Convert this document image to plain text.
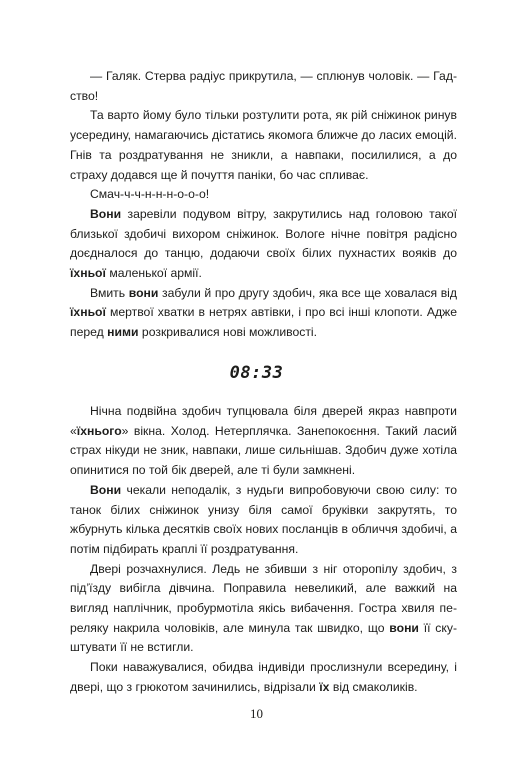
— Галяк. Стерва радіус прикрутила, — сплюнув чоловік. — Гадство!

Та варто йому було тільки розтулити рота, як рій сніжинок ринув усередину, намагаючись дістатись якомога ближче до ласих емоцій. Гнів та роздратування не зникли, а навпаки, посилилися, а до страху додався ще й почуття паніки, бо час спливає.

Смач-ч-ч-н-н-н-о-о-о!

Вони заревіли подувом вітру, закрутились над головою такої близької здобичі вихором сніжинок. Вологе нічне повітря радісно доєдналося до танцю, додаючи своїх білих пухнастих вояків до їхньої маленької армії.

Вмить вони забули й про другу здобич, яка все ще ховалася від їхньої мертвої хватки в нетрях автівки, і про всі інші клопоти. Адже перед ними розкривалися нові можливості.

08:33

Нічна подвійна здобич тупцювала біля дверей якраз навпроти «їхнього» вікна. Холод. Нетерплячка. Занепокоєння. Такий ласий страх нікуди не зник, навпаки, лише сильнішав. Здобич дуже хотіла опинитися по той бік дверей, але ті були замкнені.

Вони чекали неподалік, з нудьги випробовуючи свою силу: то танок білих сніжинок унизу біля самої бруківки закрутять, то жбурнуть кілька десятків своїх нових посланців в обличчя здобичі, а потім підбирать краплі її роздратування.

Двері розчахнулися. Ледь не збивши з ніг оторопілу здобич, з під’їзду вибігла дівчина. Поправила невеликий, але важкий на вигляд наплічник, пробурмотіла якісь вибачення. Гостра хвиля переляку накрила чоловіків, але минула так швидко, що вони її скуштувати її не встигли.

Поки наважувалися, обидва індивіди прослизнули всередину, і двері, що з грюкотом зачинились, відрізали їх від смаколиків.

10
